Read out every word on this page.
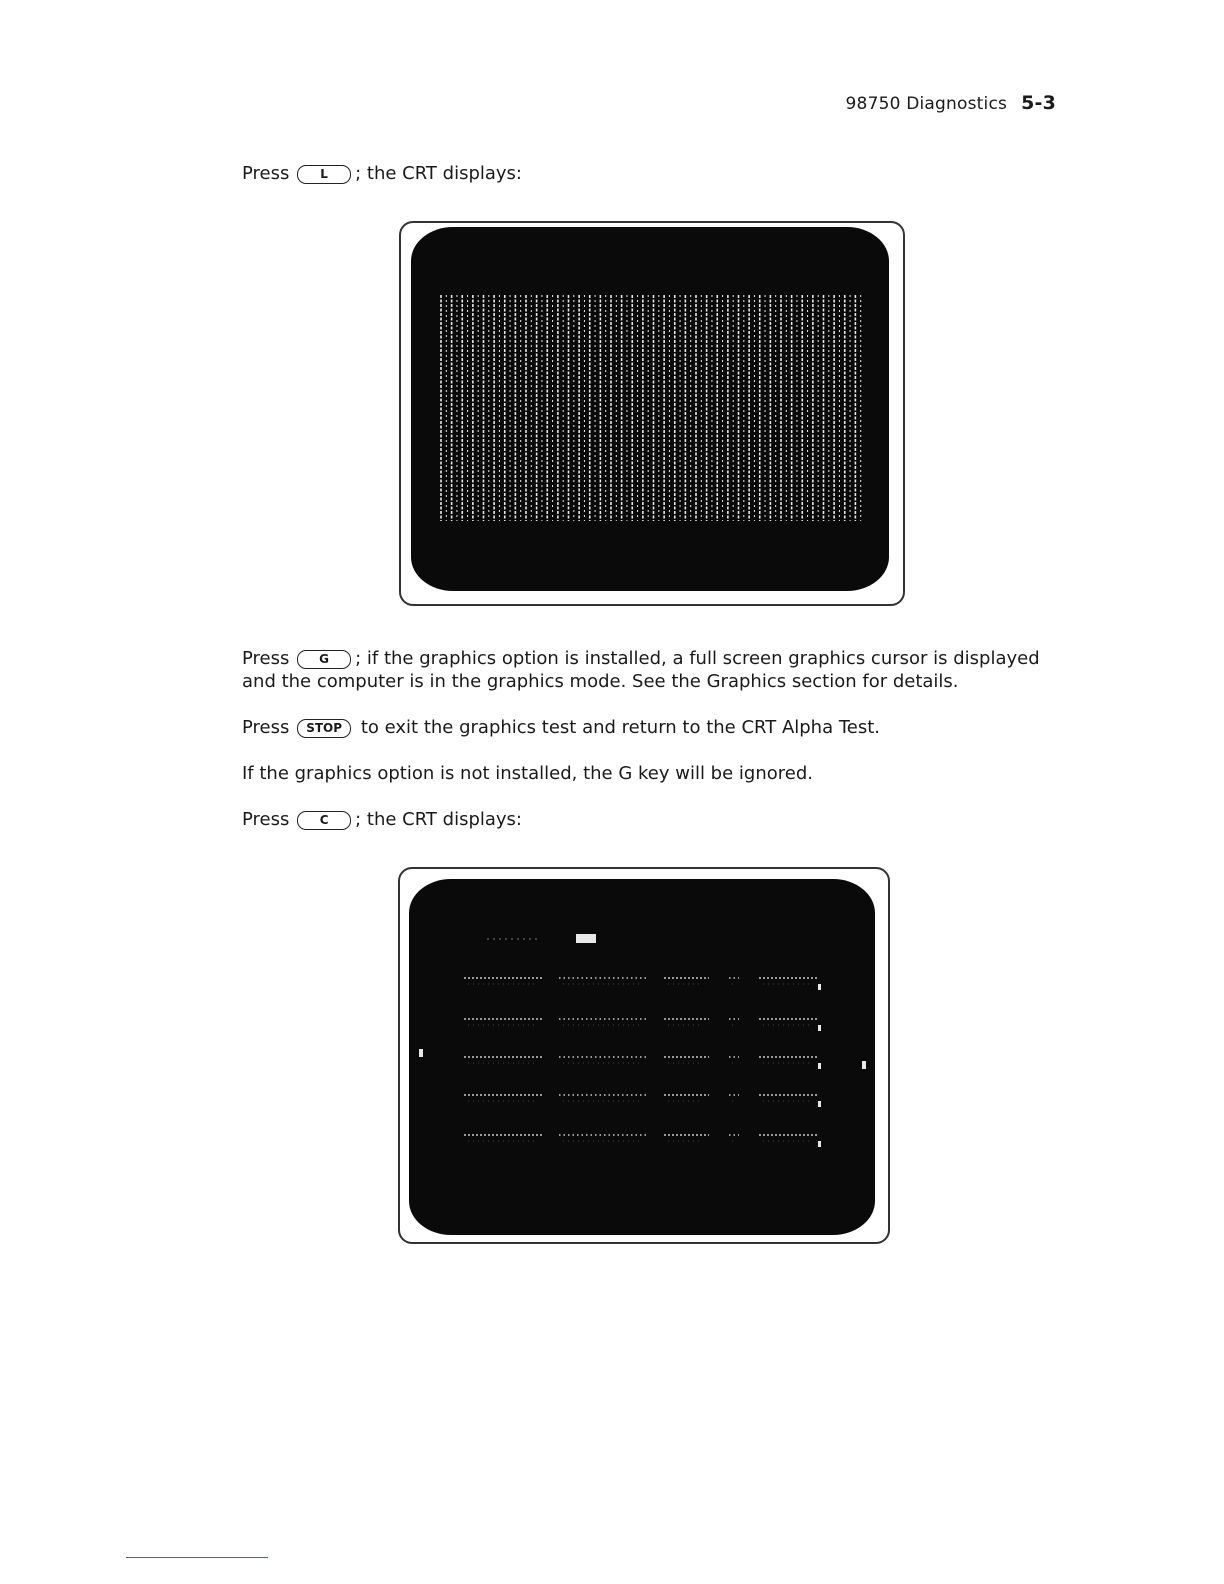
98750 Diagnostics 5-3
Press	L ; the CRT displays:
Press G ; if the graphics option is installed, a full screen graphics cursor is displayed and the computer is in the graphics mode. See the Graphics section for details.
Press STOP to exit the graphics test and return to the CRT Alpha Test.
If the graphics option is not installed, the G key will be ignored.
Press	C ; the CRT displays:
